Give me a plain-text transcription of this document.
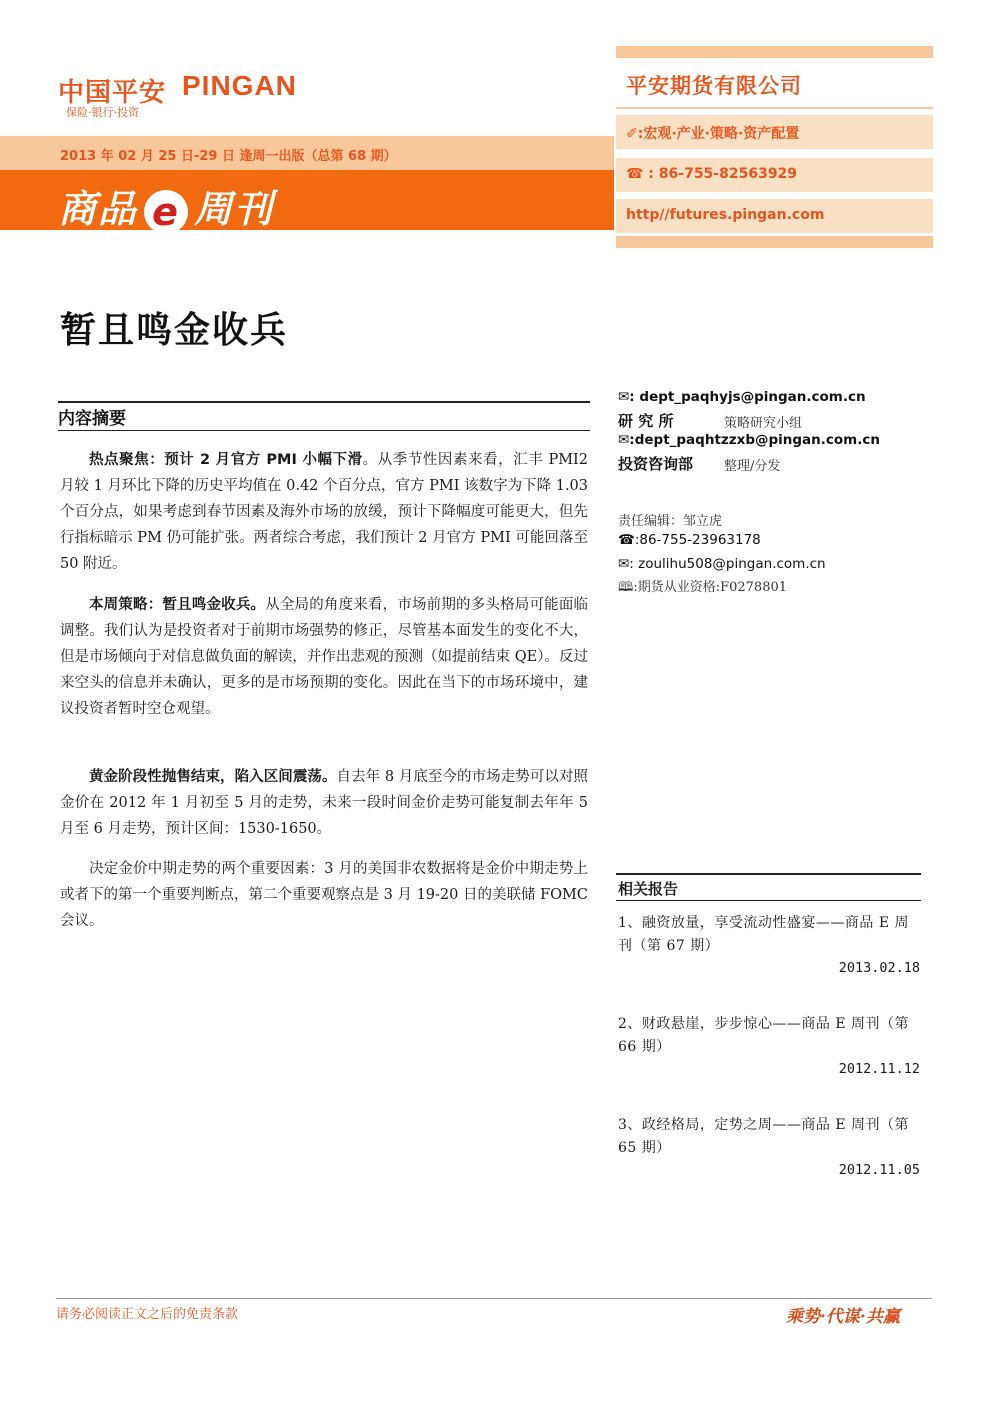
中国平安 PINGAN
保险·银行·投资
2013 年 02 月 25 日-29 日 逢周一出版（总第 68 期）
商品 e 周刊
平安期货有限公司
✐:宏观·产业·策略·资产配置
☎ : 86-755-82563929
http//futures.pingan.com
暂且鸣金收兵
内容摘要
热点聚焦：预计 2 月官方 PMI 小幅下滑。从季节性因素来看，汇丰 PMI2 月较 1 月环比下降的历史平均值在 0.42 个百分点，官方 PMI 该数字为下降 1.03 个百分点，如果考虑到春节因素及海外市场的放缓，预计下降幅度可能更大，但先行指标暗示 PM 仍可能扩张。两者综合考虑，我们预计 2 月官方 PMI 可能回落至 50 附近。
本周策略：暂且鸣金收兵。从全局的角度来看，市场前期的多头格局可能面临调整。我们认为是投资者对于前期市场强势的修正，尽管基本面发生的变化不大，但是市场倾向于对信息做负面的解读，并作出悲观的预测（如提前结束 QE）。反过来空头的信息并未确认，更多的是市场预期的变化。因此在当下的市场环境中，建议投资者暂时空仓观望。
黄金阶段性抛售结束，陷入区间震荡。自去年 8 月底至今的市场走势可以对照金价在 2012 年 1 月初至 5 月的走势，未来一段时间金价走势可能复制去年年 5 月至 6 月走势，预计区间：1530-1650。
决定金价中期走势的两个重要因素：3 月的美国非农数据将是金价中期走势上或者下的第一个重要判断点，第二个重要观察点是 3 月 19-20 日的美联储 FOMC 会议。
✉: dept_paqhyjs@pingan.com.cn
研 究 所	策略研究小组
✉:dept_paqhtzzxb@pingan.com.cn
投资咨询部 整理/分发
责任编辑：邹立虎
☎:86-755-23963178
✉: zoulihu508@pingan.com.cn
🕮:期货从业资格:F0278801
相关报告
1、融资放量，享受流动性盛宴——商品 E 周刊（第 67 期）
2013.02.18
2、财政悬崖，步步惊心——商品 E 周刊（第 66 期）
2012.11.12
3、政经格局，定势之周——商品 E 周刊（第 65 期）
2012.11.05
请务必阅读正文之后的免责条款	乘势·代谋·共赢
